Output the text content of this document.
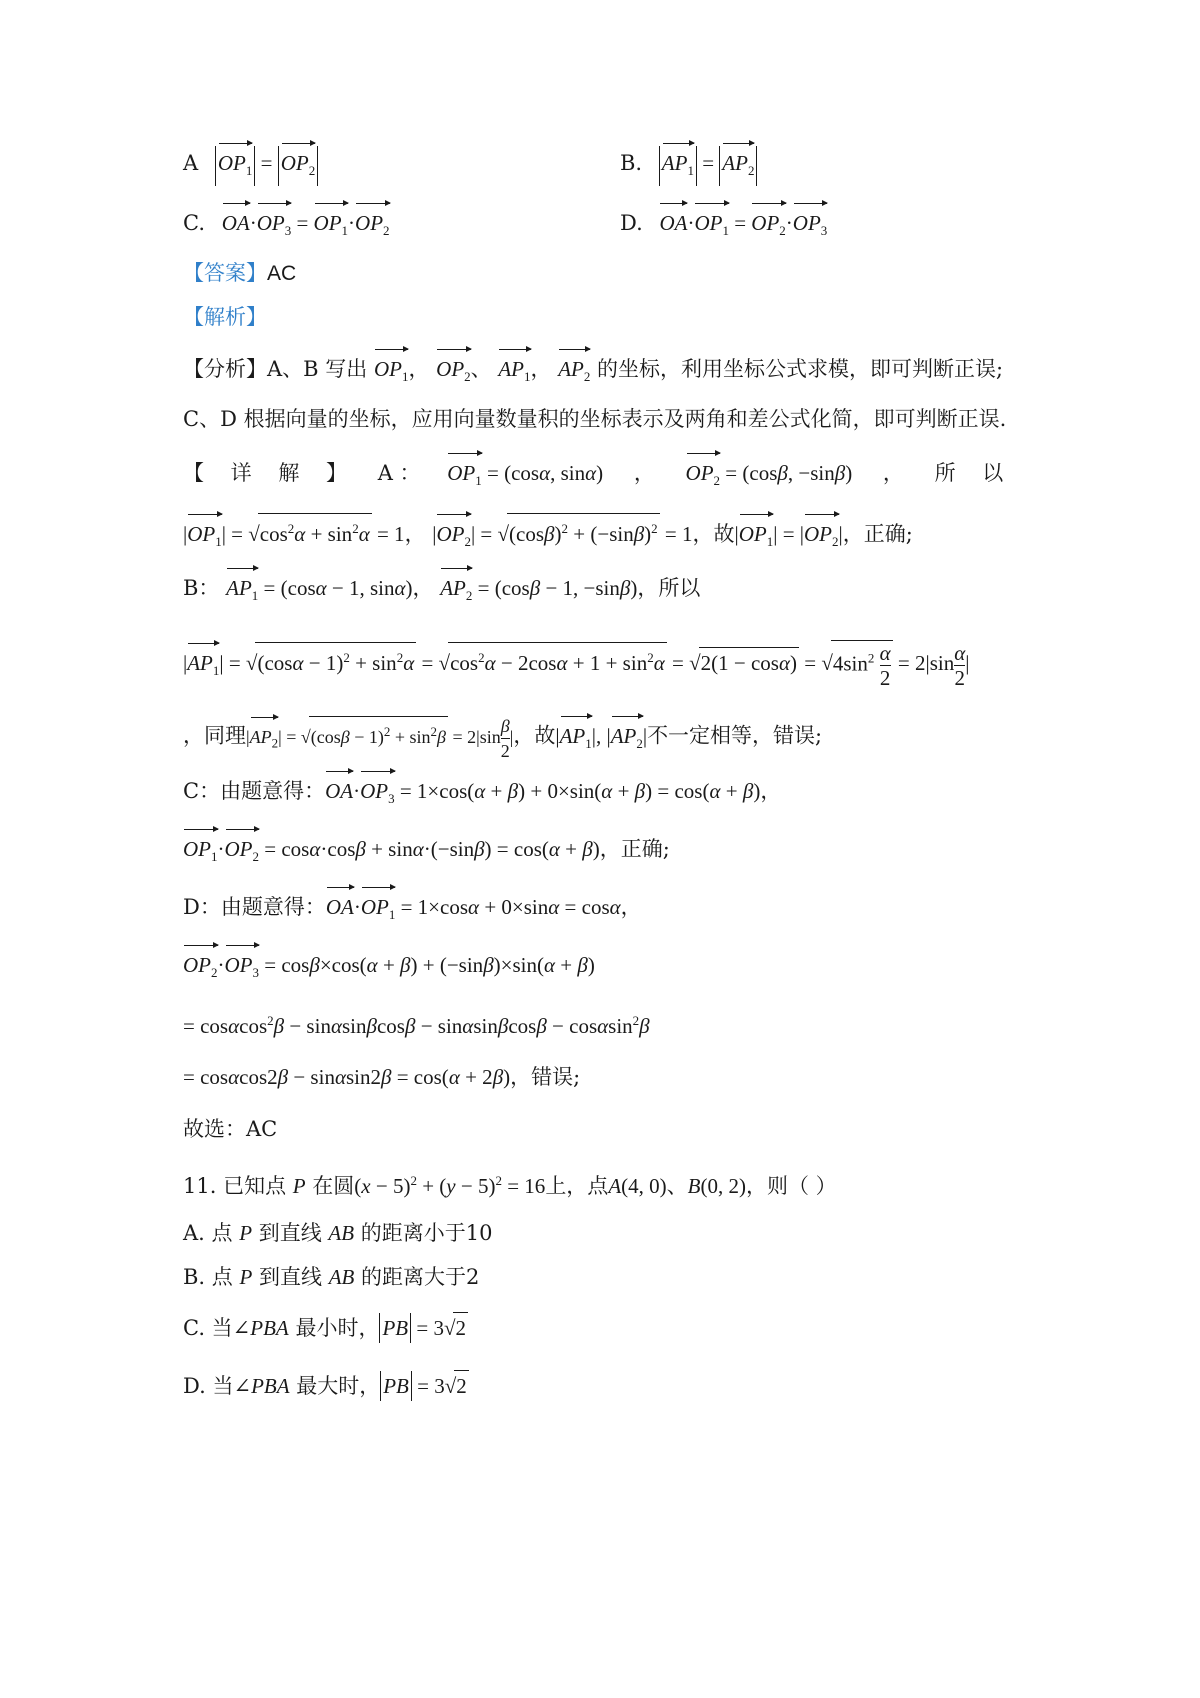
A $OP_1 = OP_2$	B. $AP_1 = AP_2$
C. $OA\cdot OP_3 = OP_1\cdot OP_2$	D. $OA\cdot OP_1 = OP_2\cdot OP_3$
【答案】AC
【解析】
【分析】A、B 写出 $OP_1$， $OP_2$、 $AP_1$， $AP_2$ 的坐标，利用坐标公式求模，即可判断正误;
C、D 根据向量的坐标，应用向量数量积的坐标表示及两角和差公式化简，即可判断正误.
【 详 解 】 A ： $OP_1 = (\cos\alpha$, sinα) ， $OP_2 = (\cos\beta$, −sinβ) ， 所 以
$|OP_1| = √\cos^2\alpha + \sin^2\alpha = 1$， $|OP_2| = √(\cos\beta)^2 + (-\sin\beta)^2 = 1$，故$|OP_1| = |OP_2|$，正确;
B： $AP_1 = (\cos\alpha - 1$, sinα)， $AP_2 = (\cos\beta - 1$, −sinβ)，所以
$|AP_1| = √(\cos\alpha - 1)^2 + \sin^2\alpha = √\cos^2\alpha - 2\cos\alpha + 1 + \sin^2\alpha = √2(1 - \cos\alpha) = √4\sin^2 \frac{\alpha}{2} = 2|\sin \frac{\alpha}{2}$ |
，同理$|AP_2| = √(\cos\beta - 1)^2 + \sin^2\beta = 2|\sin \frac{\beta}{2}$ |，故$|AP_1|$, $|AP_2|$不一定相等，错误;
C：由题意得：$OA\cdot OP_3 = 1\times\cos(\alpha + \beta) + 0\times\sin(\alpha + \beta) = \cos(\alpha + \beta)$，
$OP_1\cdot OP_2 = \cos\alpha\cdot\cos\beta + \sin\alpha\cdot(-\sin\beta) = \cos(\alpha + \beta)$，正确;
D：由题意得：$OA\cdot OP_1 = 1\times\cos\alpha + 0\times\sin\alpha = \cos\alpha$，
$OP_2\cdot OP_3 = \cos\beta\times\cos(\alpha + \beta) + (-\sin\beta)\times\sin(\alpha + \beta)$
= cosαcos$^2$β − sinαsinβcosβ − sinαsinβcosβ − cosαsin$^2$β
= cosαcos2β − sinαsin2β = cos(α + 2β)，错误;
故选：AC
11. 已知点 P 在圆$(x - 5)^2 + (y - 5)^2 = 16$上，点A(4, 0)、B(0, 2)，则（ ）
A. 点 P 到直线 AB 的距离小于10
B. 点 P 到直线 AB 的距离大于2
C. 当∠PBA 最小时， PB = 3√2
D. 当∠PBA 最大时， PB = 3√2
